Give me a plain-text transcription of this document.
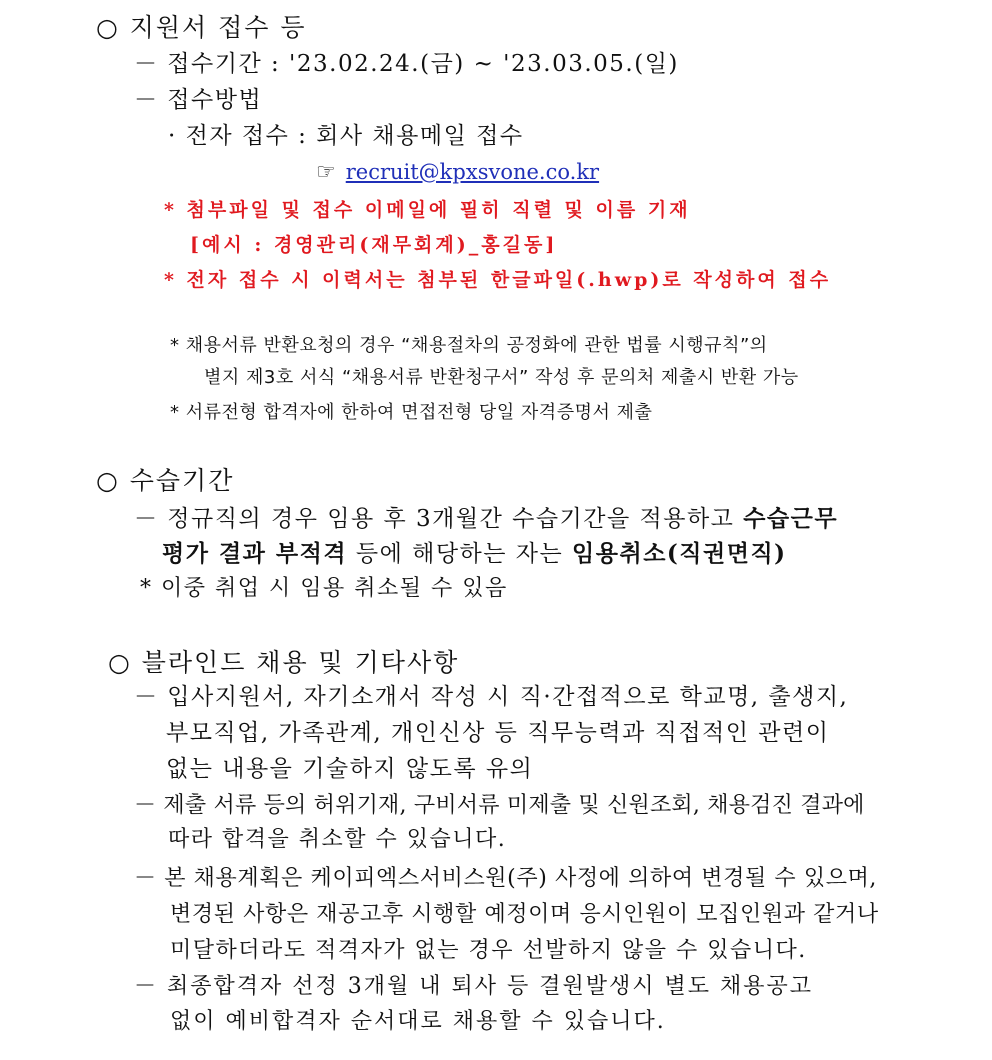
○ 지원서 접수 등
－ 접수기간 : '23.02.24.(금) ~ '23.03.05.(일)
－ 접수방법
· 전자 접수 : 회사 채용메일 접수
☞ recruit@kpxsvone.co.kr
* 첨부파일 및 접수 이메일에 필히 직렬 및 이름 기재
[예시 : 경영관리(재무회계)_홍길동]
* 전자 접수 시 이력서는 첨부된 한글파일(.hwp)로 작성하여 접수
* 채용서류 반환요청의 경우 “채용절차의 공정화에 관한 법률 시행규칙”의
별지 제3호 서식 “채용서류 반환청구서” 작성 후 문의처 제출시 반환 가능
* 서류전형 합격자에 한하여 면접전형 당일 자격증명서 제출
○ 수습기간
－ 정규직의 경우 임용 후 3개월간 수습기간을 적용하고 수습근무
평가 결과 부적격 등에 해당하는 자는 임용취소(직권면직)
* 이중 취업 시 임용 취소될 수 있음
○ 블라인드 채용 및 기타사항
－ 입사지원서, 자기소개서 작성 시 직·간접적으로 학교명, 출생지,
부모직업, 가족관계, 개인신상 등 직무능력과 직접적인 관련이
없는 내용을 기술하지 않도록 유의
－ 제출 서류 등의 허위기재, 구비서류 미제출 및 신원조회, 채용검진 결과에
따라 합격을 취소할 수 있습니다.
－ 본 채용계획은 케이피엑스서비스원(주) 사정에 의하여 변경될 수 있으며,
변경된 사항은 재공고후 시행할 예정이며 응시인원이 모집인원과 같거나
미달하더라도 적격자가 없는 경우 선발하지 않을 수 있습니다.
－ 최종합격자 선정 3개월 내 퇴사 등 결원발생시 별도 채용공고
없이 예비합격자 순서대로 채용할 수 있습니다.
